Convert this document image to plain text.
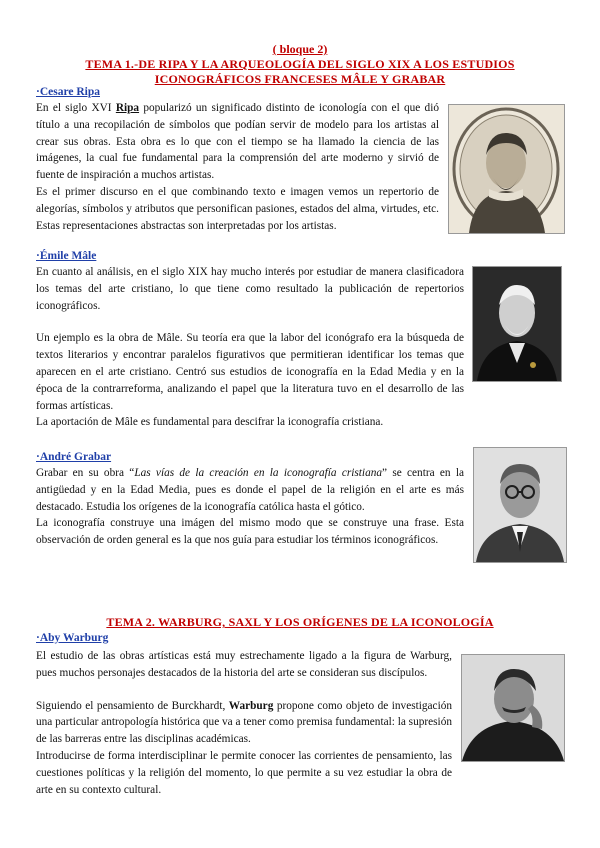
( bloque 2)
TEMA 1.-DE RIPA Y LA ARQUEOLOGÍA DEL SIGLO XIX A LOS ESTUDIOS
ICONOGRÁFICOS FRANCESES MÂLE Y GRABAR
·Cesare Ripa

En el siglo XVI Ripa popularizó un significado distinto de iconología con el que dió título a una recopilación de símbolos que podían servir de modelo para los artistas al crear sus obras. Esta obra es lo que con el tiempo se ha llamado la ciencia de las imágenes, la cual fue fundamental para la comprensión del arte moderno y sirvió de fuente de inspiración a muchos artistas.

Es el primer discurso en el que combinando texto e imagen vemos un repertorio de alegorías, símbolos y atributos que personifican pasiones, estados del alma, virtudes, etc. Estas representaciones abstractas son interpretadas por los artistas.

·Émile Mâle

En cuanto al análisis, en el siglo XIX hay mucho interés por estudiar de manera clasificadora los temas del arte cristiano, lo que tiene como resultado la publicación de repertorios iconográficos.

Un ejemplo es la obra de Mâle. Su teoría era que la labor del iconógrafo era la búsqueda de textos literarios y encontrar paralelos figurativos que permitieran identificar los temas que aparecen en el arte cristiano. Centró sus estudios de iconografía en la Edad Media y en la época de la contrarreforma, analizando el papel que la literatura tuvo en el desarrollo de las formas artísticas.

La aportación de Mâle es fundamental para descifrar la iconografía cristiana.

·André Grabar

Grabar en su obra “Las vías de la creación en la iconografía cristiana” se centra en la antigüedad y en la Edad Media, pues es donde el papel de la religión en el arte es más destacado. Estudia los orígenes de la iconografía católica hasta el gótico.

La iconografía construye una imágen del mismo modo que se construye una frase. Esta observación de orden general es la que nos guía para estudiar los términos iconográficos.

TEMA 2. WARBURG, SAXL Y LOS ORÍGENES DE LA ICONOLOGÍA
·Aby Warburg

El estudio de las obras artísticas está muy estrechamente ligado a la figura de Warburg, pues muchos personajes destacados de la historia del arte se consideran sus discípulos.

Siguiendo el pensamiento de Burckhardt, Warburg propone como objeto de investigación una particular antropología histórica que va a tener como premisa fundamental: la supresión de las barreras entre las disciplinas académicas.

Introducirse de forma interdisciplinar le permite conocer las corrientes de pensamiento, las cuestiones políticas y la religión del momento, lo que permite a su vez estudiar la obra de arte en su contexto cultural.
